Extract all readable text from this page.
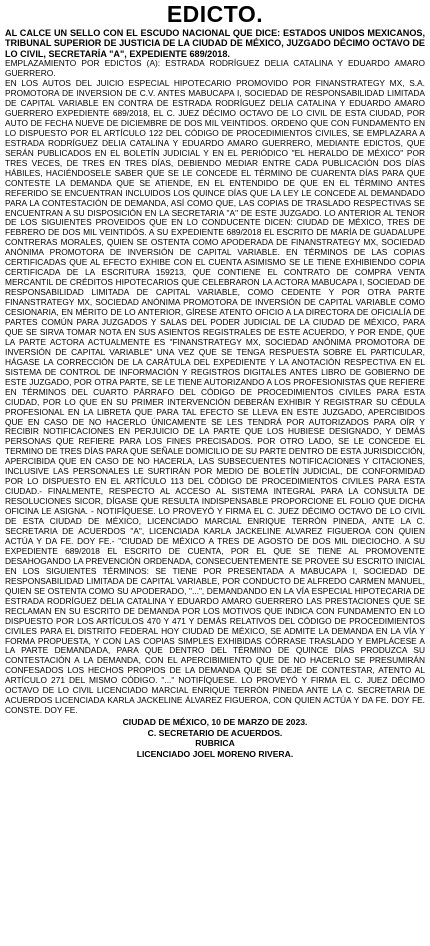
EDICTO.

AL CALCE UN SELLO CON EL ESCUDO NACIONAL QUE DICE: ESTADOS UNIDOS MEXICANOS, TRIBUNAL SUPERIOR DE JUSTICIA DE LA CIUDAD DE MÉXICO, JUZGADO DÉCIMO OCTAVO DE LO CIVIL, SECRETARÍA "A", EXPEDIENTE 689/2018.

EMPLAZAMIENTO POR EDICTOS (A): ESTRADA RODRÍGUEZ DELIA CATALINA Y EDUARDO AMARO GUERRERO.

EN LOS AUTOS DEL JUICIO ESPECIAL HIPOTECARIO PROMOVIDO POR FINANSTRATEGY MX, S.A. PROMOTORA DE INVERSION DE C.V. ANTES MABUCAPA I, SOCIEDAD DE RESPONSABILIDAD LIMITADA DE CAPITAL VARIABLE EN CONTRA DE ESTRADA RODRÍGUEZ DELIA CATALINA Y EDUARDO AMARO GUERRERO EXPEDIENTE 689/2018, EL C. JUEZ DÉCIMO OCTAVO DE LO CIVIL DE ESTA CIUDAD, POR AUTO DE FECHA NUEVE DE DICIEMBRE DE DOS MIL VEINTIDOS. ORDENO QUE CON FUNDAMENTO EN LO DISPUESTO POR EL ARTÍCULO 122 DEL CÓDIGO DE PROCEDIMIENTOS CIVILES, SE EMPLAZARA A ESTRADA RODRÍGUEZ DELIA CATALINA Y EDUARDO AMARO GUERRERO, MEDIANTE EDICTOS, QUE SERÁN PUBLICADOS EN EL BOLETÍN JUDICIAL Y EN EL PERIÓDICO "EL HERALDO DE MÉXICO" POR TRES VECES, DE TRES EN TRES DÍAS, DEBIENDO MEDIAR ENTRE CADA PUBLICACIÓN DOS DÍAS HÁBILES, HACIÉNDOSELE SABER QUE SE LE CONCEDE EL TÉRMINO DE CUARENTA DÍAS PARA QUE CONTESTE LA DEMANDA QUE SE ATIENDE, EN EL ENTENDIDO DE QUE EN EL TÉRMINO ANTES REFERIDO SE ENCUENTRAN INCLUIDOS LOS QUINCE DÍAS QUE LA LEY LE CONCEDE AL DEMANDADO PARA LA CONTESTACIÓN DE DEMANDA, ASÍ COMO QUE, LAS COPIAS DE TRASLADO RESPECTIVAS SE ENCUENTRAN A SU DISPOSICIÓN EN LA SECRETARIA "A" DE ESTE JUZGADO. LO ANTERIOR AL TENOR DE LOS SIGUIENTES PROVEIDOS QUE EN LO CONDUCENTE DICEN: CIUDAD DE MÉXICO, TRES DE FEBRERO DE DOS MIL VEINTIDÓS. A SU EXPEDIENTE 689/2018 EL ESCRITO DE MARÍA DE GUADALUPE CONTRERAS MORALES, QUIEN SE OSTENTA COMO APODERADA DE FINANSTRATEGY MX, SOCIEDAD ANÓNIMA PROMOTORA DE INVERSIÓN DE CAPITAL VARIABLE. EN TÉRMINOS DE LAS COPIAS CERTIFICADAS QUE AL EFECTO EXHIBE CON EL CUENTA ASIMISMO SE LE TIENE EXHIBIENDO COPIA CERTIFICADA DE LA ESCRITURA 159213, QUE CONTIENE EL CONTRATO DE COMPRA VENTA MERCANTIL DE CRÉDITOS HIPOTECARIOS QUE CELEBRARON LA ACTORA MABUCAPA I, SOCIEDAD DE RESPONSABILIDAD LIMITADA DE CAPITAL VARIABLE, COMO CEDENTE Y POR OTRA PARTE FINANSTRATEGY MX, SOCIEDAD ANÓNIMA PROMOTORA DE INVERSIÓN DE CAPITAL VARIABLE COMO CESIONARIA, EN MÉRITO DE LO ANTERIOR, GÍRESE ATENTO OFICIO A LA DIRECTORA DE OFICIALÍA DE PARTES COMÚN PARA JUZGADOS Y SALAS DEL PODER JUDICIAL DE LA CIUDAD DE MÉXICO, PARA QUE SE SIRVA TOMAR NOTA EN SUS ASIENTOS REGISTRALES DE ESTE ACUERDO, Y POR ENDE, QUE LA PARTE ACTORA ACTUALMENTE ES "FINANSTRATEGY MX, SOCIEDAD ANÓNIMA PROMOTORA DE INVERSIÓN DE CAPITAL VARIABLE" UNA VEZ QUE SE TENGA RESPUESTA SOBRE EL PARTICULAR, HÁGASE LA CORRECCIÓN DE LA CARÁTULA DEL EXPEDIENTE Y LA ANOTACIÓN RESPECTIVA EN EL SISTEMA DE CONTROL DE INFORMACIÓN Y REGISTROS DIGITALES ANTES LIBRO DE GOBIERNO DE ESTE JUZGADO, POR OTRA PARTE, SE LE TIENE AUTORIZANDO A LOS PROFESIONISTAS QUE REFIERE EN TÉRMINOS DEL CUARTO PÁRRAFO DEL CÓDIGO DE PROCEDIMIENTOS CIVILES PARA ESTA CIUDAD, POR LO QUE EN SU PRIMER INTERVENCIÓN DEBERÁN EXHIBIR Y REGISTRAR SU CÉDULA PROFESIONAL EN LA LIBRETA QUE PARA TAL EFECTO SE LLEVA EN ESTE JUZGADO, APERCIBIDOS QUE EN CASO DE NO HACERLO ÚNICAMENTE SE LES TENDRÁ POR AUTORIZADOS PARA OÍR Y RECIBIR NOTIFICACIONES EN PERJUICIO DE LA PARTE QUE LOS HUBIESE DESIGNADO, Y DEMÁS PERSONAS QUE REFIERE PARA LOS FINES PRECISADOS. POR OTRO LADO, SE LE CONCEDE EL TERMINO DE TRES DÍAS PARA QUE SEÑALE DOMICILIO DE SU PARTE DENTRO DE ESTA JURISDICCIÓN, APERCIBIDA QUE EN CASO DE NO HACERLA, LAS SUBSECUENTES NOTIFICACIONES Y CITACIONES, INCLUSIVE LAS PERSONALES LE SURTIRÁN POR MEDIO DE BOLETÍN JUDICIAL, DE CONFORMIDAD POR LO DISPUESTO EN EL ARTÍCULO 113 DEL CÓDIGO DE PROCEDIMIENTOS CIVILES PARA ESTA CIUDAD.- FINALMENTE, RESPECTO AL ACCESO AL SISTEMA INTEGRAL PARA LA CONSULTA DE RESOLUCIONES SICOR, DÍGASE QUE RESULTA INDISPENSABLE PROPORCIONE EL FOLIO QUE DICHA OFICINA LE ASIGNA. - NOTIFÍQUESE. LO PROVEYÓ Y FIRMA EL C. JUEZ DÉCIMO OCTAVO DE LO CIVIL DE ESTA CIUDAD DE MÉXICO, LICENCIADO MARCIAL ENRIQUE TERRÓN PINEDA, ANTE LA C. SECRETARIA DE ACUERDOS "A", LICENCIADA KARLA JACKELINE ALVAREZ FIGUEROA CON QUIEN ACTÚA Y DA FE. DOY FE.- "CIUDAD DE MÉXICO A TRES DE AGOSTO DE DOS MIL DIECIOCHO. A SU EXPEDIENTE 689/2018 EL ESCRITO DE CUENTA, POR EL QUE SE TIENE AL PROMOVENTE DESAHOGANDO LA PREVENCIÓN ORDENADA, CONSECUENTEMENTE SE PROVEE SU ESCRITO INICIAL EN LOS SIGUIENTES TÉRMINOS: SE TIENE POR PRESENTADA A MABUCAPA I, SOCIEDAD DE RESPONSABILIDAD LIMITADA DE CAPITAL VARIABLE, POR CONDUCTO DE ALFREDO CARMEN MANUEL, QUIEN SE OSTENTA COMO SU APODERADO, "...", DEMANDANDO EN LA VÍA ESPECIAL HIPOTECARIA DE ESTRADA RODRÍGUEZ DELIA CATALINA Y EDUARDO AMARO GUERRERO LAS PRESTACIONES QUE SE RECLAMAN EN SU ESCRITO DE DEMANDA POR LOS MOTIVOS QUE INDICA CON FUNDAMENTO EN LO DISPUESTO POR LOS ARTÍCULOS 470 Y 471 Y DEMÁS RELATIVOS DEL CÓDIGO DE PROCEDIMIENTOS CIVILES PARA EL DISTRITO FEDERAL HOY CIUDAD DE MÉXICO, SE ADMITE LA DEMANDA EN LA VÍA Y FORMA PROPUESTA, Y CON LAS COPIAS SIMPLES EXHIBIDAS CÓRRASE TRASLADO Y EMPLÁCESE A LA PARTE DEMANDADA, PARA QUE DENTRO DEL TÉRMINO DE QUINCE DÍAS PRODUZCA SU CONTESTACIÓN A LA DEMANDA, CON EL APERCIBIMIENTO QUE DE NO HACERLO SE PRESUMIRÁN CONFESADOS LOS HECHOS PROPIOS DE LA DEMANDA QUE SE DEJE DE CONTESTAR, ATENTO AL ARTÍCULO 271 DEL MISMO CÓDIGO. "..." NOTIFÍQUESE. LO PROVEYÓ Y FIRMA EL C. JUEZ DÉCIMO OCTAVO DE LO CIVIL LICENCIADO MARCIAL ENRIQUE TERRÓN PINEDA ANTE LA C. SECRETARIA DE ACUERDOS LICENCIADA KARLA JACKELINE ÁLVAREZ FIGUEROA, CON QUIEN ACTÚA Y DA FE. DOY FE. CONSTE. DOY FE.

CIUDAD DE MÉXICO, 10 DE MARZO DE 2023.
C. SECRETARIO DE ACUERDOS.
RUBRICA
LICENCIADO JOEL MORENO RIVERA.
